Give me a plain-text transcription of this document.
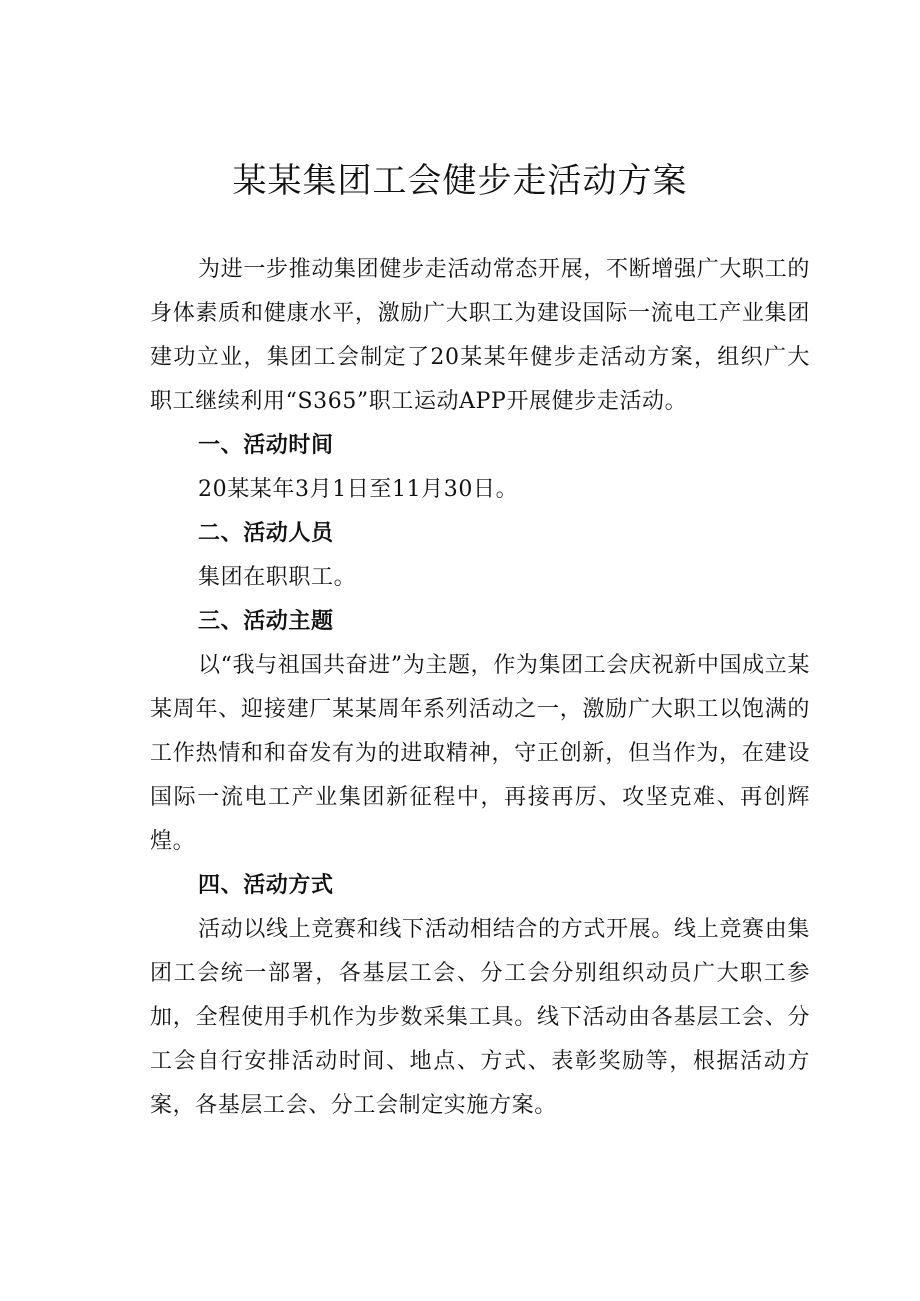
某某集团工会健步走活动方案

为进一步推动集团健步走活动常态开展，不断增强广大职工的身体素质和健康水平，激励广大职工为建设国际一流电工产业集团建功立业，集团工会制定了20某某年健步走活动方案，组织广大职工继续利用“S365”职工运动APP开展健步走活动。

一、活动时间

20某某年3月1日至11月30日。

二、活动人员

集团在职职工。

三、活动主题

以“我与祖国共奋进”为主题，作为集团工会庆祝新中国成立某某周年、迎接建厂某某周年系列活动之一，激励广大职工以饱满的工作热情和和奋发有为的进取精神，守正创新，但当作为，在建设国际一流电工产业集团新征程中，再接再厉、攻坚克难、再创辉煌。

四、活动方式

活动以线上竞赛和线下活动相结合的方式开展。线上竞赛由集团工会统一部署，各基层工会、分工会分别组织动员广大职工参加，全程使用手机作为步数采集工具。线下活动由各基层工会、分工会自行安排活动时间、地点、方式、表彰奖励等，根据活动方案，各基层工会、分工会制定实施方案。
